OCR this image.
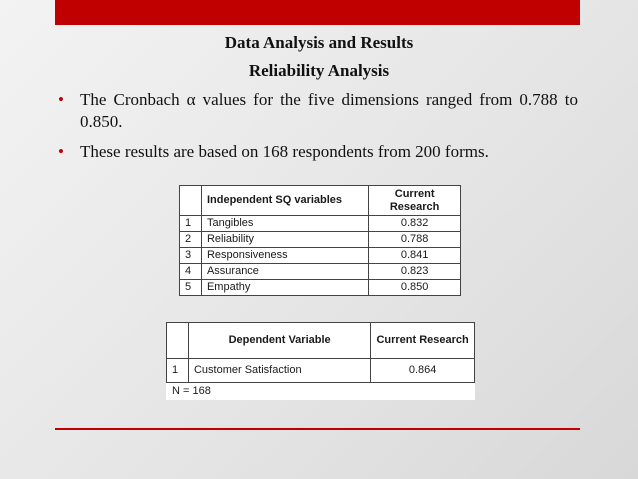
Data Analysis and Results
Reliability Analysis
• The Cronbach α values for the five dimensions ranged from 0.788 to 0.850.
• These results are based on 168 respondents from 200 forms.
	Independent SQ variables	Current Research
1	Tangibles	0.832
2	Reliability	0.788
3	Responsiveness	0.841
4	Assurance	0.823
5	Empathy	0.850
	Dependent Variable	Current Research
1	Customer Satisfaction	0.864
N = 168
